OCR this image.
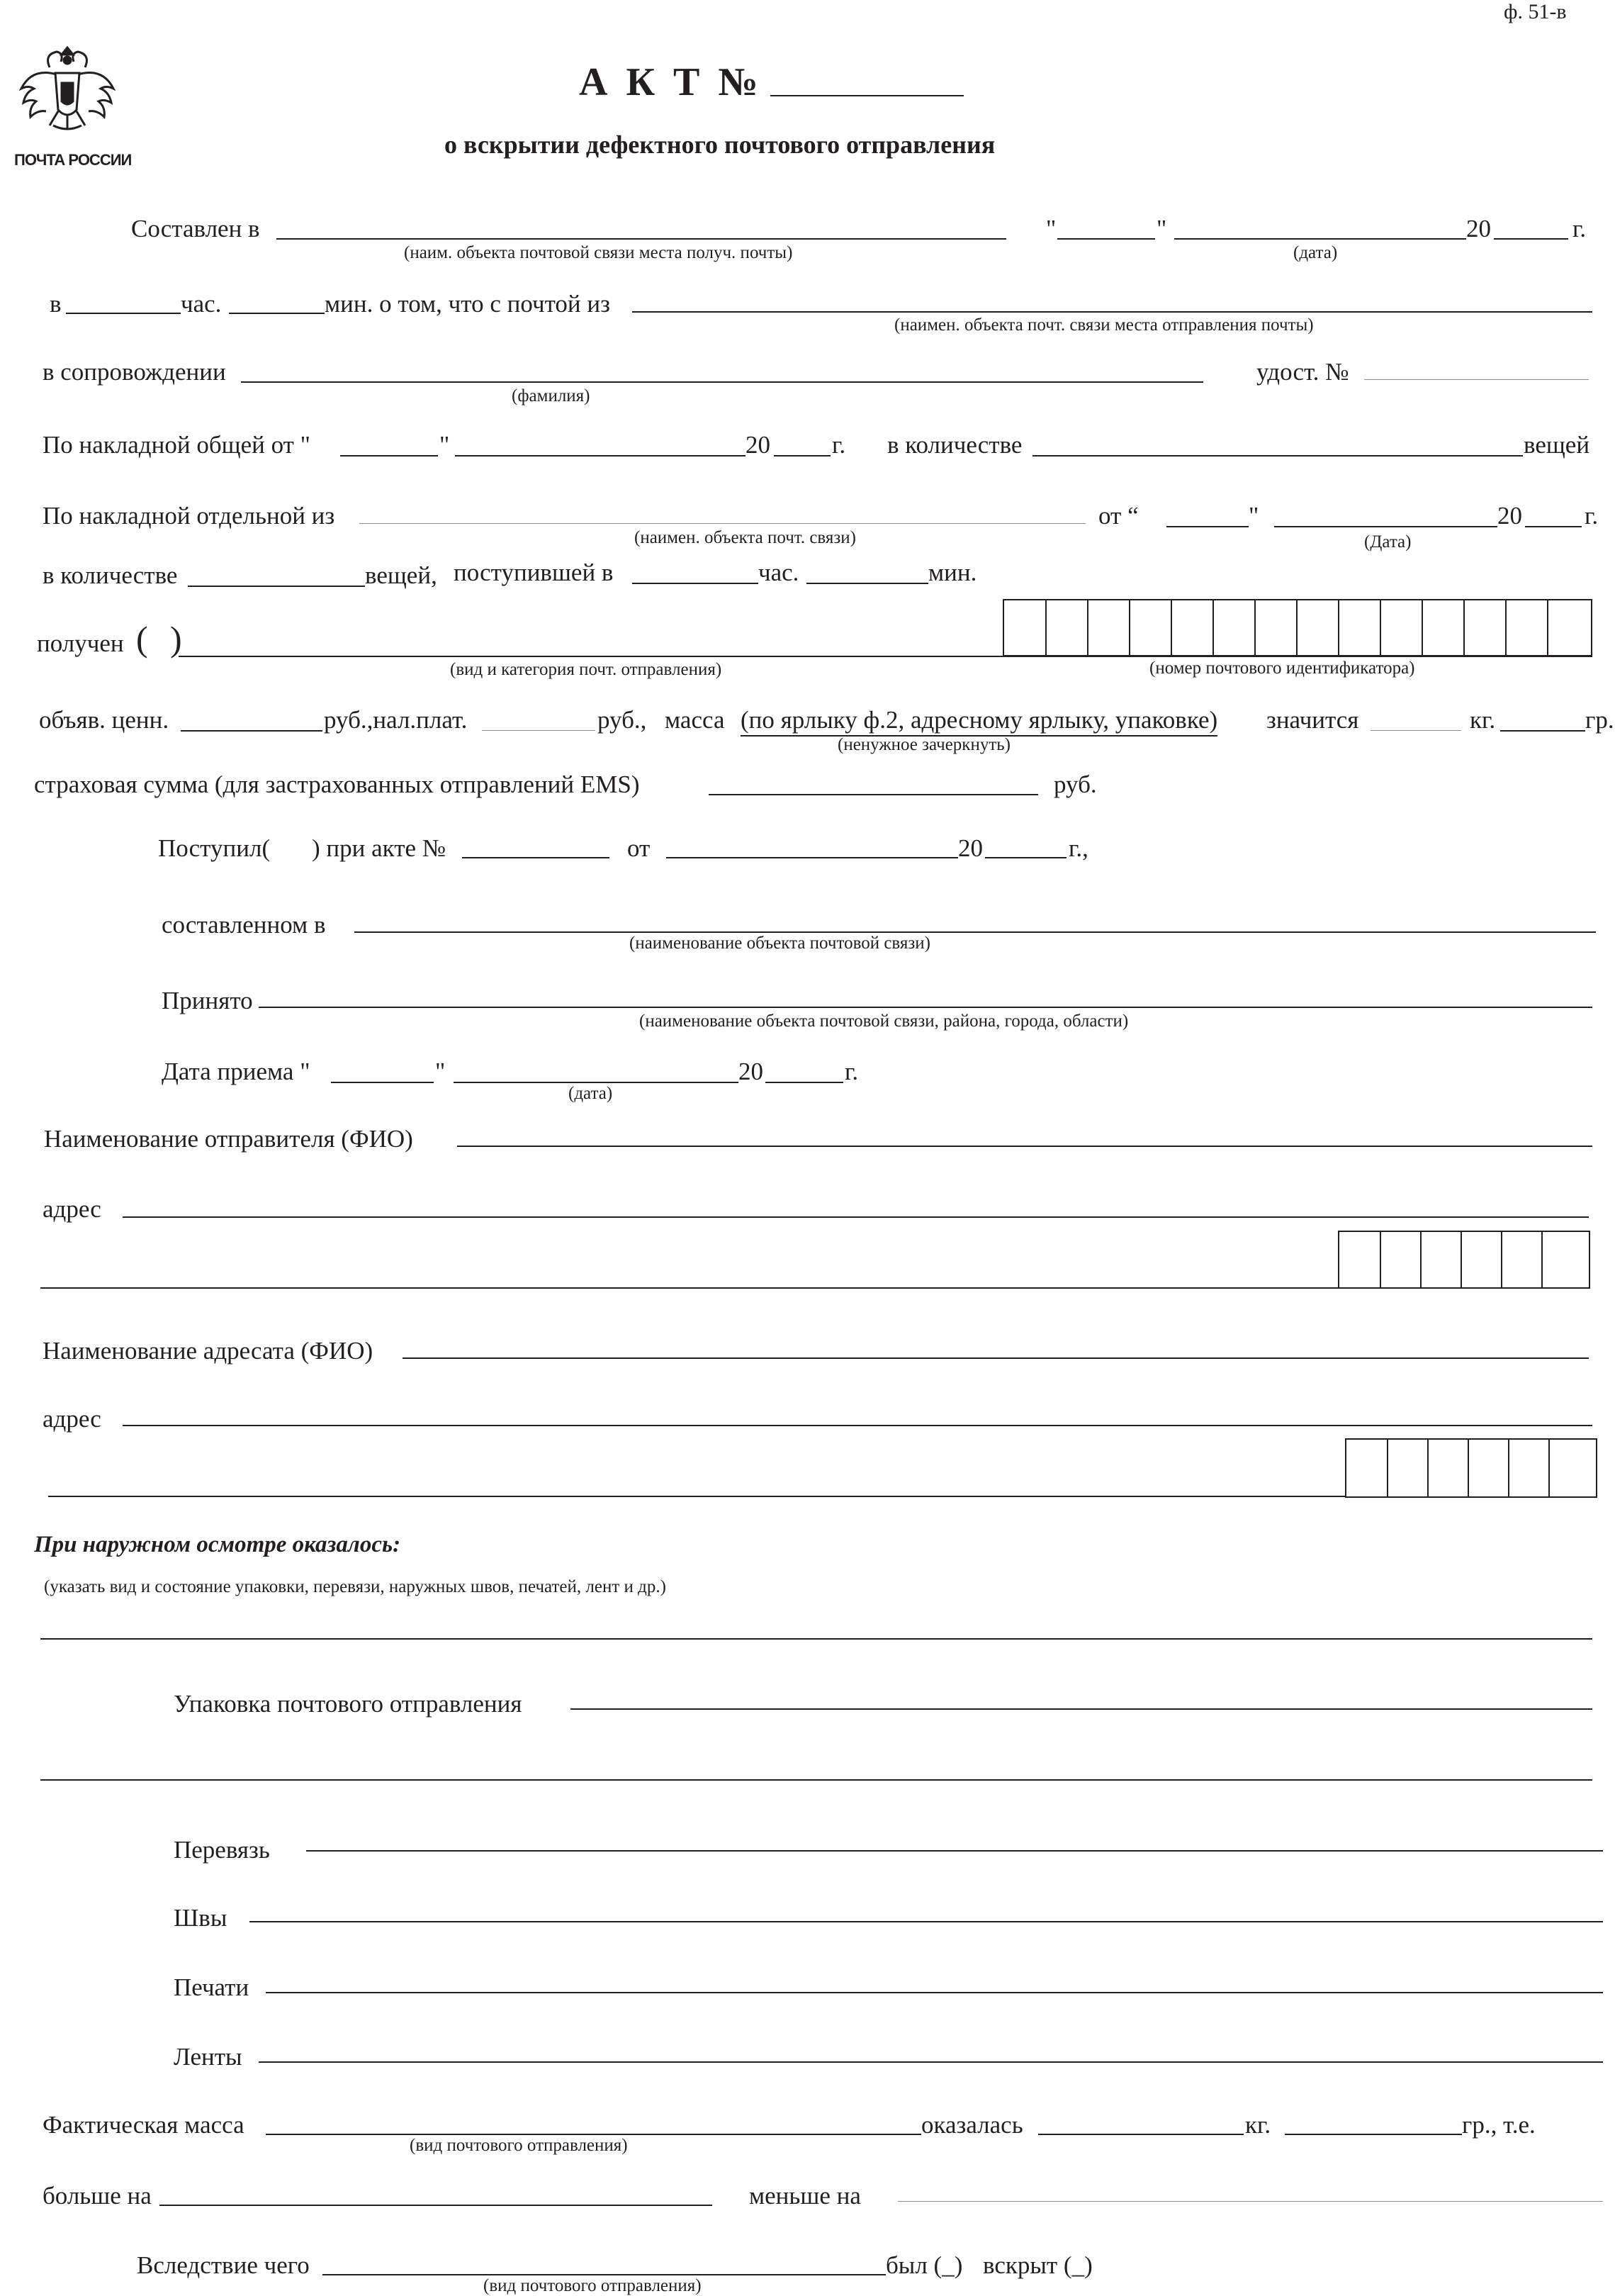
ф. 51-в
ПОЧТА РОССИИ
А К Т №
о вскрытии дефектного почтового отправления
Составлен в
(наим. объекта почтовой связи места получ. почты)
"	"	20	г.
(дата)
в	час.	мин. о том, что с почтой из
(наимен. объекта почт. связи места отправления почты)
в сопровождении
(фамилия)
удост. №
По накладной общей от "	"	20 г. в количестве	вещей
По накладной отдельной из
(наимен. объекта почт. связи)
от “	"	20	г.
(Дата)
в количестве	вещей, поступившей в	час.	мин.
получен ( )
(вид и категория почт. отправления)	(номер почтового идентификатора)
объяв. ценн.	руб.,нал.плат.	руб., масса (по ярлыку ф.2, адресному ярлыку, упаковке)
(ненужное зачеркнуть)
значится	кг.	гр.
страховая сумма (для застрахованных отправлений EMS)	руб.
Поступил( ) при акте №	от	20	г.,
составленном в
(наименование объекта почтовой связи)
Принято
(наименование объекта почтовой связи, района, города, области)
Дата приема "	"	20	г.
(дата)
Наименование отправителя (ФИО)
адрес
Наименование адресата (ФИО)
адрес
При наружном осмотре оказалось:
(указать вид и состояние упаковки, перевязи, наружных швов, печатей, лент и др.)
Упаковка почтового отправления
Перевязь
Швы
Печати
Ленты
Фактическая масса
(вид почтового отправления)
оказалась	кг.	гр., т.е.
больше на	меньше на
Вследствие чего
(вид почтового отправления)
был (_) вскрыт (_)
